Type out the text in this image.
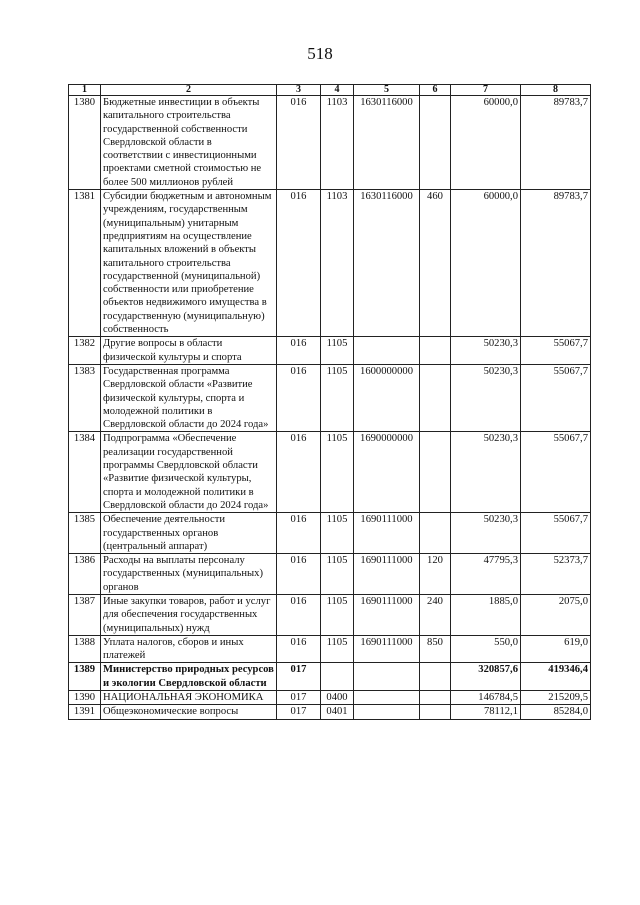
518
1	2	3	4	5	6	7	8
1380	Бюджетные инвестиции в объекты капитального строительства государственной собственности Свердловской области в соответствии с инвестиционными проектами сметной стоимостью не более 500 миллионов рублей	016	1103	1630116000		60000,0	89783,7
1381	Субсидии бюджетным и автономным учреждениям, государственным (муниципальным) унитарным предприятиям на осуществление капитальных вложений в объекты капитального строительства государственной (муниципальной) собственности или приобретение объектов недвижимого имущества в государственную (муниципальную) собственность	016	1103	1630116000	460	60000,0	89783,7
1382	Другие вопросы в области физической культуры и спорта	016	1105			50230,3	55067,7
1383	Государственная программа Свердловской области «Развитие физической культуры, спорта и молодежной политики в Свердловской области до 2024 года»	016	1105	1600000000		50230,3	55067,7
1384	Подпрограмма «Обеспечение реализации государственной программы Свердловской области «Развитие физической культуры, спорта и молодежной политики в Свердловской области до 2024 года»	016	1105	1690000000		50230,3	55067,7
1385	Обеспечение деятельности государственных органов (центральный аппарат)	016	1105	1690111000		50230,3	55067,7
1386	Расходы на выплаты персоналу государственных (муниципальных) органов	016	1105	1690111000	120	47795,3	52373,7
1387	Иные закупки товаров, работ и услуг для обеспечения государственных (муниципальных) нужд	016	1105	1690111000	240	1885,0	2075,0
1388	Уплата налогов, сборов и иных платежей	016	1105	1690111000	850	550,0	619,0
1389	Министерство природных ресурсов и экологии Свердловской области	017				320857,6	419346,4
1390	НАЦИОНАЛЬНАЯ ЭКОНОМИКА	017	0400			146784,5	215209,5
1391	Общеэкономические вопросы	017	0401			78112,1	85284,0
